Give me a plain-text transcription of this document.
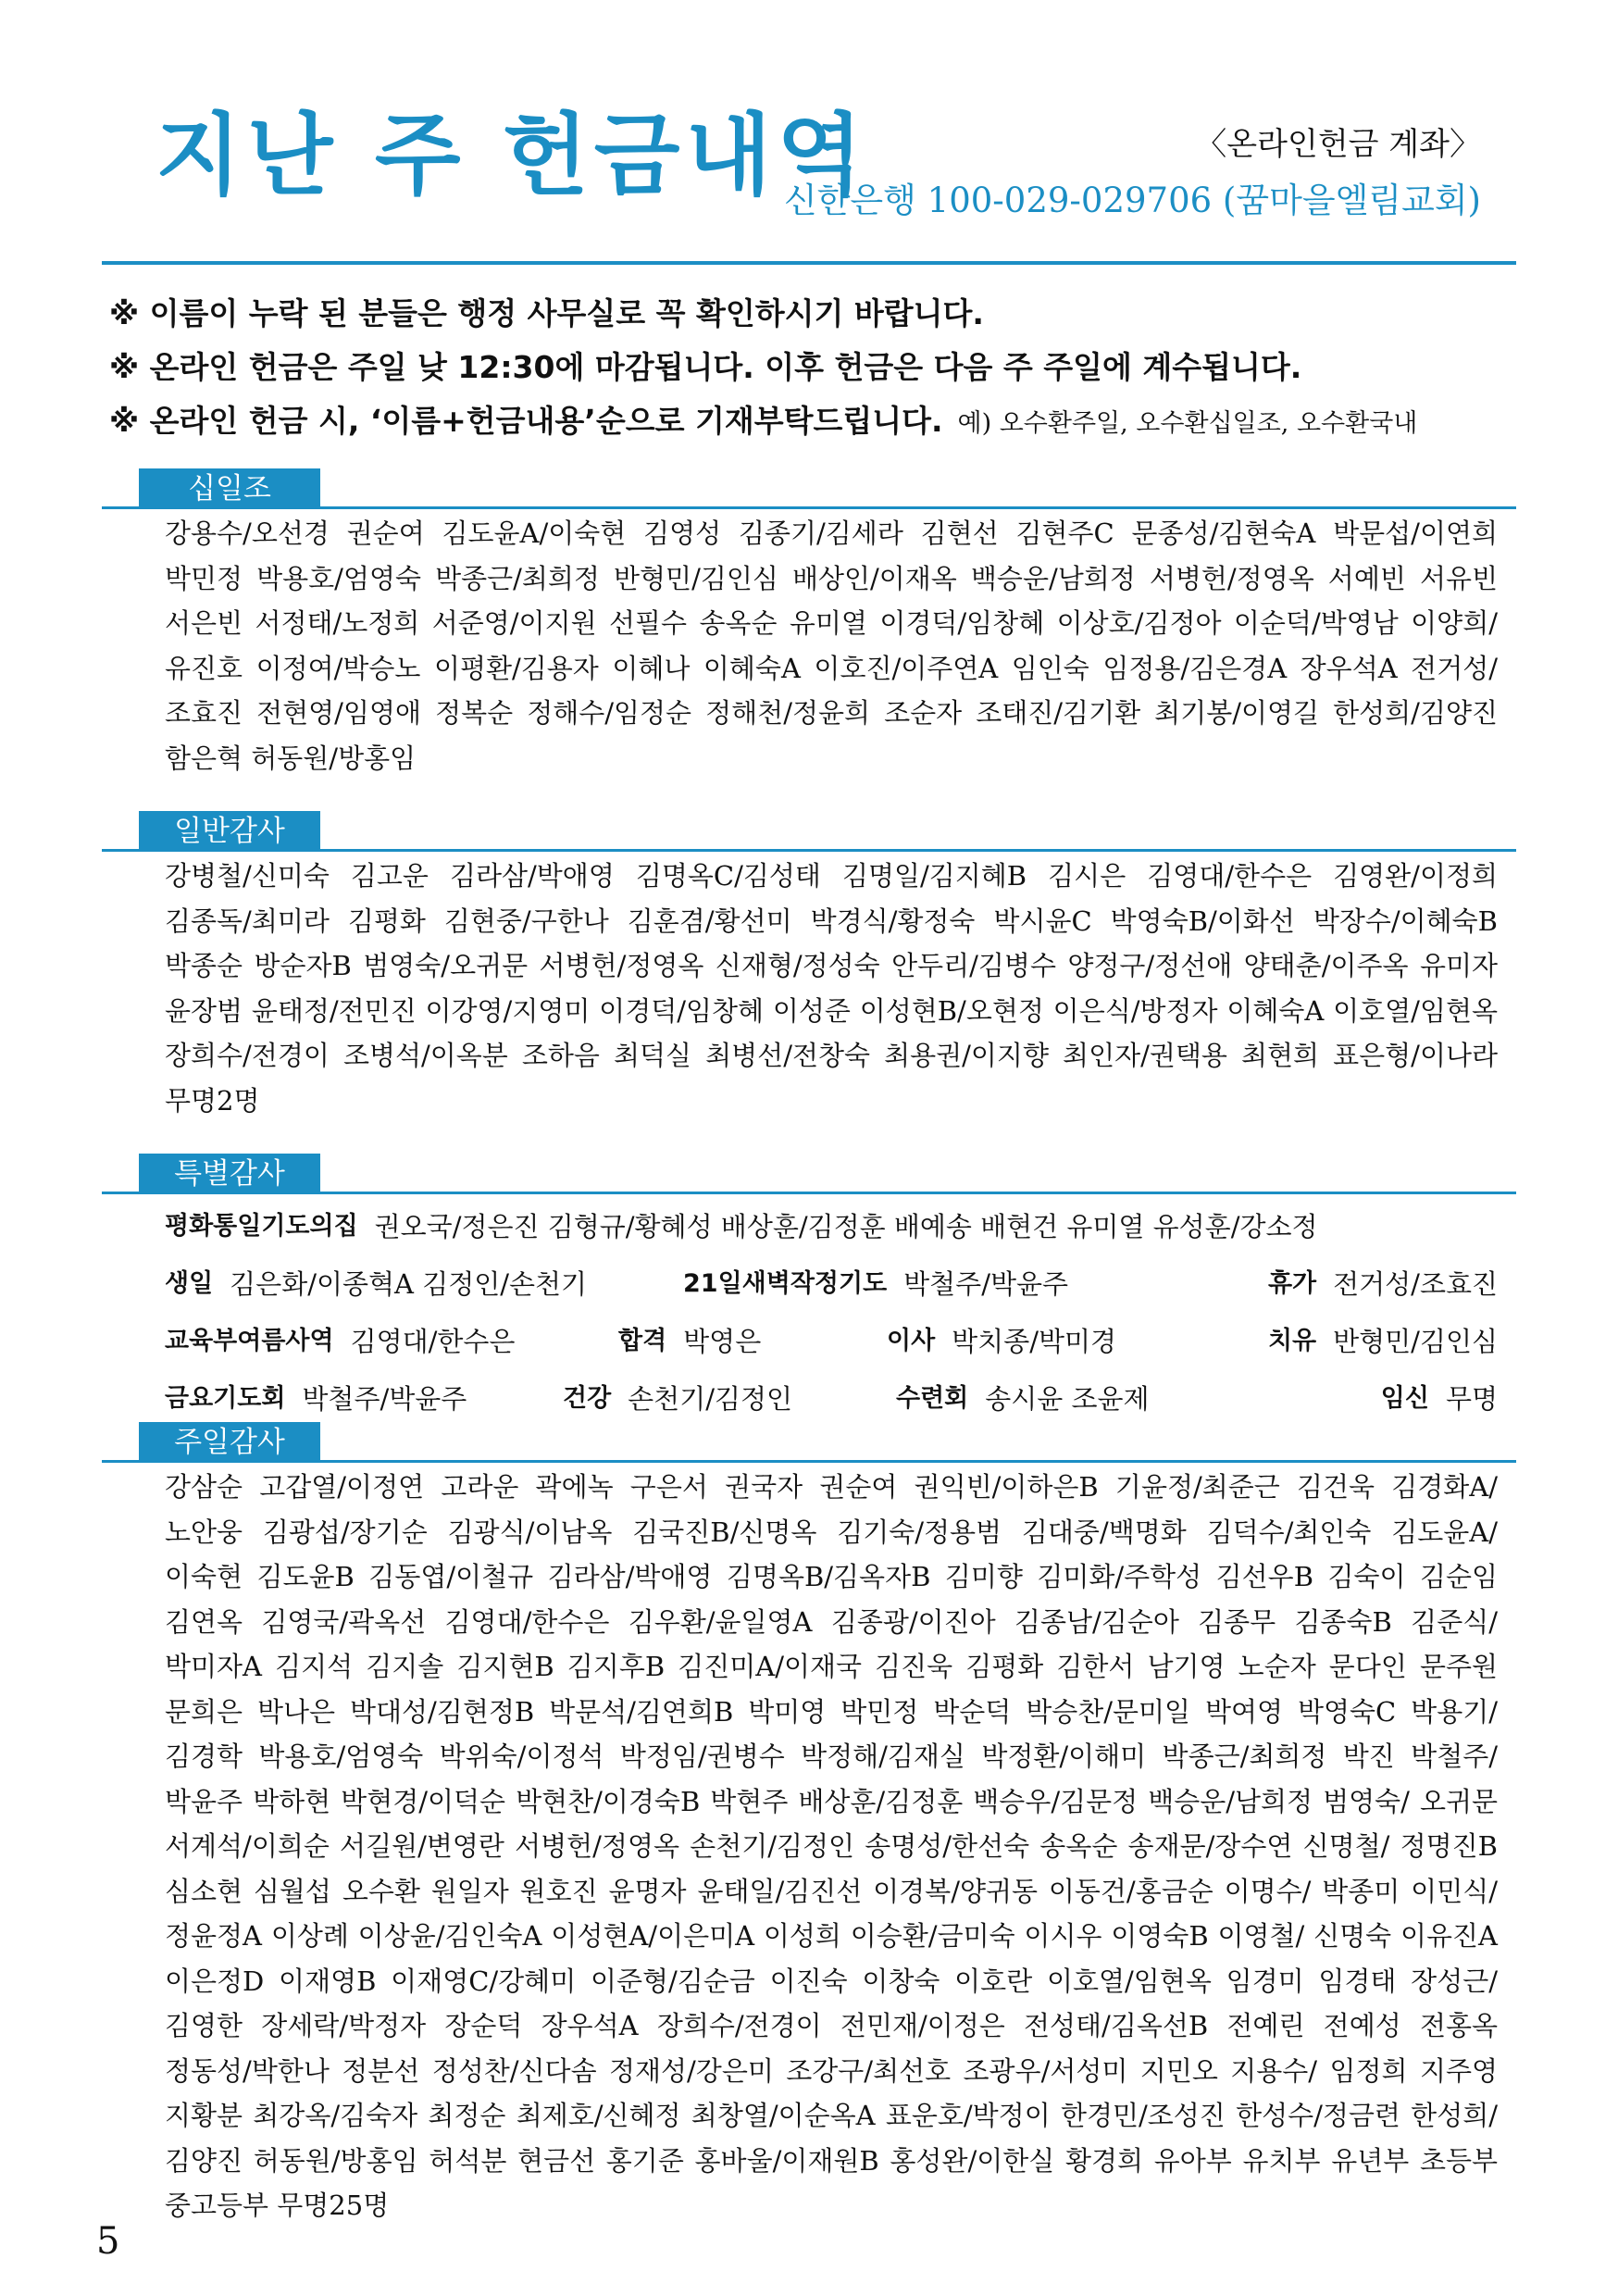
지난 주 헌금내역	〈온라인헌금 계좌〉
신한은행 100-029-029706 (꿈마을엘림교회)
※ 이름이 누락 된 분들은 행정 사무실로 꼭 확인하시기 바랍니다.
※ 온라인 헌금은 주일 낮 12:30에 마감됩니다. 이후 헌금은 다음 주 주일에 계수됩니다.
※ 온라인 헌금 시, ‘이름+헌금내용’순으로 기재부탁드립니다. 예) 오수환주일, 오수환십일조, 오수환국내
십일조
강용수/오선경 권순여 김도윤A/이숙현 김영성 김종기/김세라 김현선 김현주C 문종성/김현숙A 박문섭/이연희 박민정 박용호/엄영숙 박종근/최희정 반형민/김인심 배상인/이재옥 백승운/남희정 서병헌/정영옥 서예빈 서유빈 서은빈 서정태/노정희 서준영/이지원 선필수 송옥순 유미열 이경덕/임창혜 이상호/김정아 이순덕/박영남 이양희/ 유진호 이정여/박승노 이평환/김용자 이혜나 이혜숙A 이호진/이주연A 임인숙 임정용/김은경A 장우석A 전거성/ 조효진 전현영/임영애 정복순 정해수/임정순 정해천/정윤희 조순자 조태진/김기환 최기봉/이영길 한성희/김양진 함은혁 허동원/방홍임
일반감사
강병철/신미숙 김고운 김라삼/박애영 김명옥C/김성태 김명일/김지혜B 김시은 김영대/한수은 김영완/이정희 김종독/최미라 김평화 김현중/구한나 김훈겸/황선미 박경식/황정숙 박시윤C 박영숙B/이화선 박장수/이혜숙B 박종순 방순자B 범영숙/오귀문 서병헌/정영옥 신재형/정성숙 안두리/김병수 양정구/정선애 양태춘/이주옥 유미자 윤장범 윤태정/전민진 이강영/지영미 이경덕/임창혜 이성준 이성현B/오현정 이은식/방정자 이혜숙A 이호열/임현옥 장희수/전경이 조병석/이옥분 조하음 최덕실 최병선/전창숙 최용권/이지향 최인자/권택용 최현희 표은형/이나라 무명2명
특별감사
평화통일기도의집 권오국/정은진 김형규/황혜성 배상훈/김정훈 배예송 배현건 유미열 유성훈/강소정
생일 김은화/이종혁A 김정인/손천기	21일새벽작정기도 박철주/박윤주	휴가 전거성/조효진
교육부여름사역 김영대/한수은	합격 박영은	이사 박치종/박미경	치유 반형민/김인심
금요기도회 박철주/박윤주	건강 손천기/김정인	수련회 송시윤 조윤제	임신 무명
주일감사
강삼순 고갑열/이정연 고라운 곽에녹 구은서 권국자 권순여 권익빈/이하은B 기윤정/최준근 김건욱 김경화A/ 노안웅 김광섭/장기순 김광식/이남옥 김국진B/신명옥 김기숙/정용범 김대중/백명화 김덕수/최인숙 김도윤A/ 이숙현 김도윤B 김동엽/이철규 김라삼/박애영 김명옥B/김옥자B 김미향 김미화/주학성 김선우B 김숙이 김순임 김연옥 김영국/곽옥선 김영대/한수은 김우환/윤일영A 김종광/이진아 김종남/김순아 김종무 김종숙B 김준식/ 박미자A 김지석 김지솔 김지현B 김지후B 김진미A/이재국 김진욱 김평화 김한서 남기영 노순자 문다인 문주원 문희은 박나은 박대성/김현정B 박문석/김연희B 박미영 박민정 박순덕 박승찬/문미일 박여영 박영숙C 박용기/ 김경학 박용호/엄영숙 박위숙/이정석 박정임/권병수 박정해/김재실 박정환/이해미 박종근/최희정 박진 박철주/ 박윤주 박하현 박현경/이덕순 박현찬/이경숙B 박현주 배상훈/김정훈 백승우/김문정 백승운/남희정 범영숙/ 오귀문 서계석/이희순 서길원/변영란 서병헌/정영옥 손천기/김정인 송명성/한선숙 송옥순 송재문/장수연 신명철/ 정명진B 심소현 심월섭 오수환 원일자 원호진 윤명자 윤태일/김진선 이경복/양귀동 이동건/홍금순 이명수/ 박종미 이민식/정윤정A 이상례 이상윤/김인숙A 이성현A/이은미A 이성희 이승환/금미숙 이시우 이영숙B 이영철/ 신명숙 이유진A 이은정D 이재영B 이재영C/강혜미 이준형/김순금 이진숙 이창숙 이호란 이호열/임현옥 임경미 임경태 장성근/김영한 장세락/박정자 장순덕 장우석A 장희수/전경이 전민재/이정은 전성태/김옥선B 전예린 전예성 전홍옥 정동성/박한나 정분선 정성찬/신다솜 정재성/강은미 조강구/최선호 조광우/서성미 지민오 지용수/ 임정희 지주영 지황분 최강옥/김숙자 최정순 최제호/신혜정 최창열/이순옥A 표운호/박정이 한경민/조성진 한성수/정금련 한성희/김양진 허동원/방홍임 허석분 현금선 홍기준 홍바울/이재원B 홍성완/이한실 황경희 유아부 유치부 유년부 초등부 중고등부 무명25명
5
